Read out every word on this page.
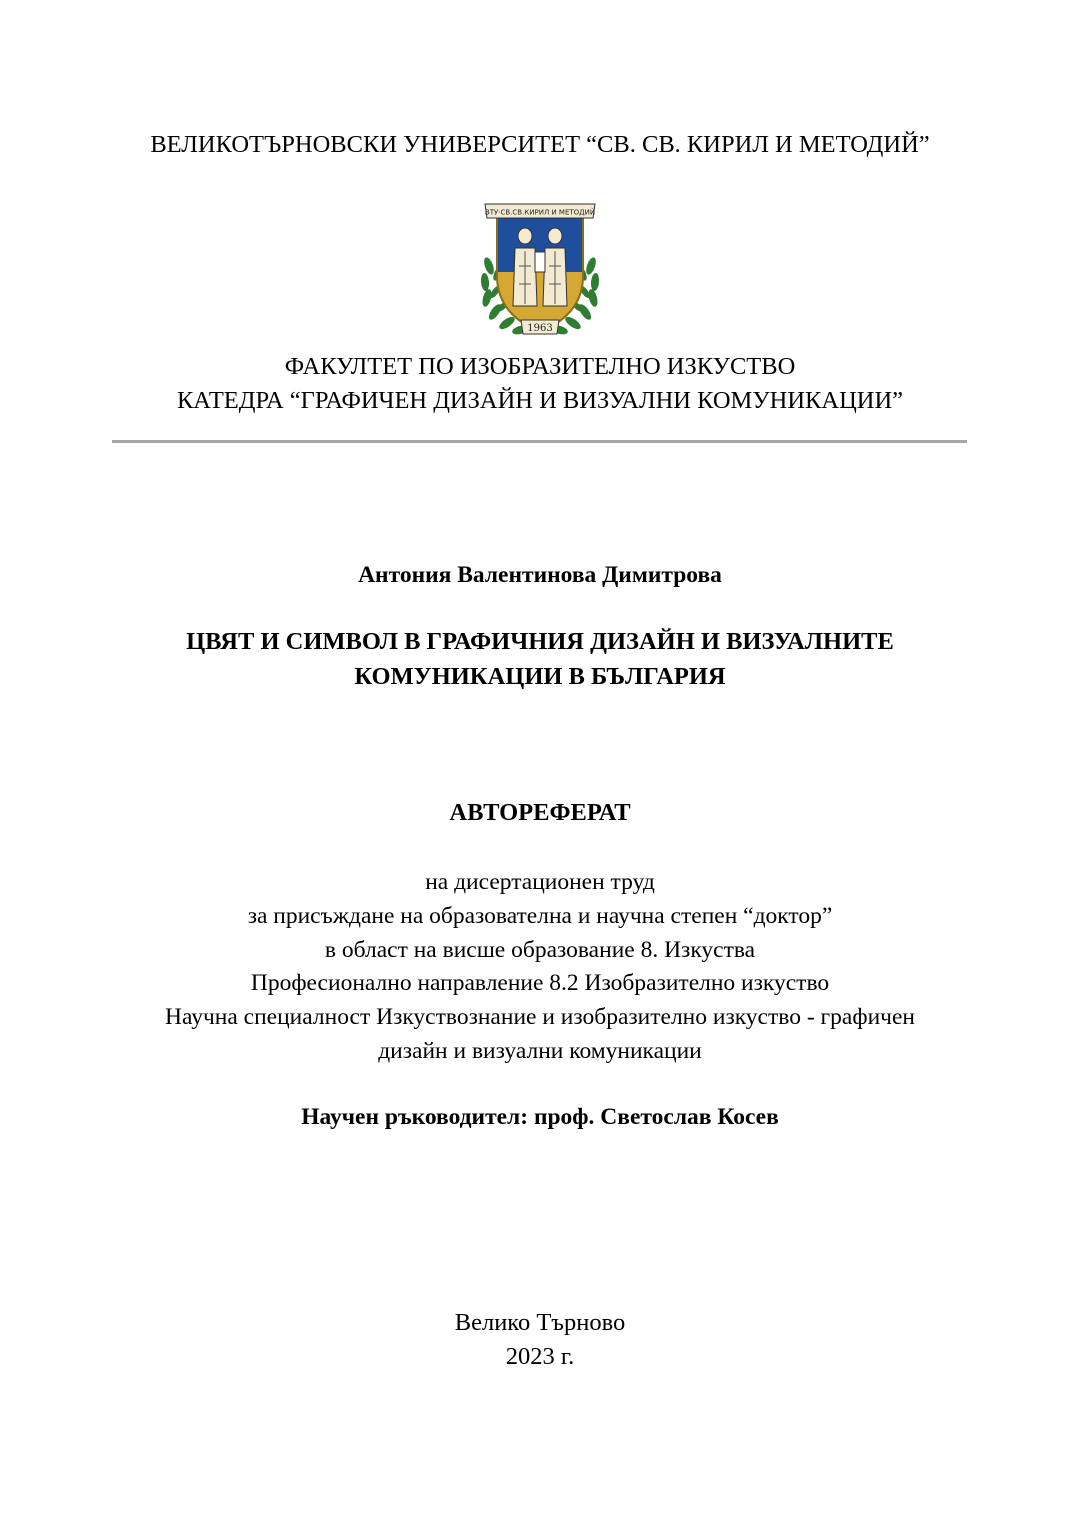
ВЕЛИКОТЪРНОВСКИ УНИВЕРСИТЕТ “СВ. СВ. КИРИЛ И МЕТОДИЙ”
ВТУ·СВ.СВ.КИРИЛ И МЕТОДИЙ
1963
ФАКУЛТЕТ ПО ИЗОБРАЗИТЕЛНО ИЗКУСТВО
КАТЕДРА “ГРАФИЧЕН ДИЗАЙН И ВИЗУАЛНИ КОМУНИКАЦИИ”
Антония Валентинова Димитрова
ЦВЯТ И СИМВОЛ В ГРАФИЧНИЯ ДИЗАЙН И ВИЗУАЛНИТЕ
КОМУНИКАЦИИ В БЪЛГАРИЯ
АВТОРЕФЕРАТ
на дисертационен труд
за присъждане на образователна и научна степен “доктор”
в област на висше образование 8. Изкуства
Професионално направление 8.2 Изобразително изкуство
Научна специалност Изкуствознание и изобразително изкуство - графичен
дизайн и визуални комуникации
Научен ръководител: проф. Светослав Косев
Велико Търново
2023 г.
